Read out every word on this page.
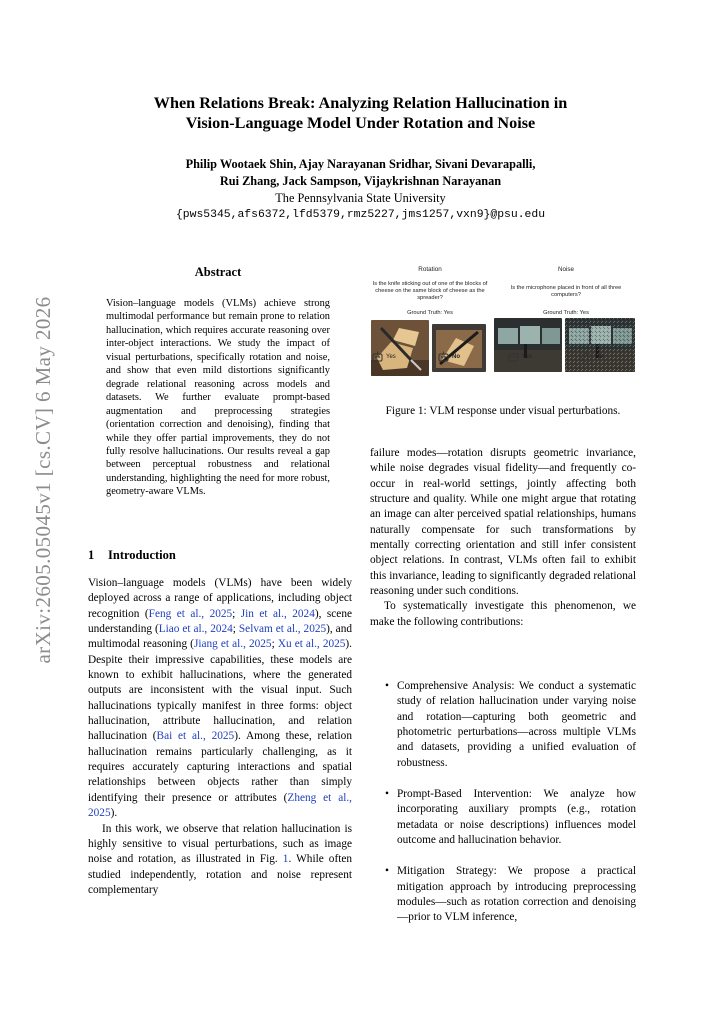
arXiv:2605.05045v1 [cs.CV] 6 May 2026
When Relations Break: Analyzing Relation Hallucination in
Vision-Language Model Under Rotation and Noise
Philip Wootaek Shin, Ajay Narayanan Sridhar, Sivani Devarapalli,
Rui Zhang, Jack Sampson, Vijaykrishnan Narayanan
The Pennsylvania State University
{pws5345,afs6372,lfd5379,rmz5227,jms1257,vxn9}@psu.edu
Abstract
Vision–language models (VLMs) achieve strong multimodal performance but remain prone to relation hallucination, which requires accurate reasoning over inter-object interactions. We study the impact of visual perturbations, specifically rotation and noise, and show that even mild distortions significantly degrade relational reasoning across models and datasets. We further evaluate prompt-based augmentation and preprocessing strategies (orientation correction and denoising), finding that while they offer partial improvements, they do not fully resolve hallucinations. Our results reveal a gap between perceptual robustness and relational understanding, highlighting the need for more robust, geometry-aware VLMs.
1 Introduction

Vision–language models (VLMs) have been widely deployed across a range of applications, including object recognition (Feng et al., 2025; Jin et al., 2024), scene understanding (Liao et al., 2024; Selvam et al., 2025), and multimodal reasoning (Jiang et al., 2025; Xu et al., 2025). Despite their impressive capabilities, these models are known to exhibit hallucinations, where the generated outputs are inconsistent with the visual input. Such hallucinations typically manifest in three forms: object hallucination, attribute hallucination, and relation hallucination (Bai et al., 2025). Among these, relation hallucination remains particularly challenging, as it requires accurately capturing interactions and spatial relationships between objects rather than simply identifying their presence or attributes (Zheng et al., 2025).

In this work, we observe that relation hallucination is highly sensitive to visual perturbations, such as image noise and rotation, as illustrated in Fig. 1. While often studied independently, rotation and noise represent complementary

Rotation	Noise
Is the knife sticking out of one of the blocks of cheese on the same block of cheese as the spreader?
Is the microphone placed in front of all three computers?
Ground Truth: Yes	Ground Truth: Yes
Yes	No	Yes	No
Figure 1: VLM response under visual perturbations.

failure modes—rotation disrupts geometric invariance, while noise degrades visual fidelity—and frequently co-occur in real-world settings, jointly affecting both structure and quality. While one might argue that rotating an image can alter perceived spatial relationships, humans naturally compensate for such transformations by mentally correcting orientation and still infer consistent object relations. In contrast, VLMs often fail to exhibit this invariance, leading to significantly degraded relational reasoning under such conditions.

To systematically investigate this phenomenon, we make the following contributions:

• Comprehensive Analysis: We conduct a systematic study of relation hallucination under varying noise and rotation—capturing both geometric and photometric perturbations—across multiple VLMs and datasets, providing a unified evaluation of robustness.
• Prompt-Based Intervention: We analyze how incorporating auxiliary prompts (e.g., rotation metadata or noise descriptions) influences model outcome and hallucination behavior.
• Mitigation Strategy: We propose a practical mitigation approach by introducing preprocessing modules—such as rotation correction and denoising—prior to VLM inference,
